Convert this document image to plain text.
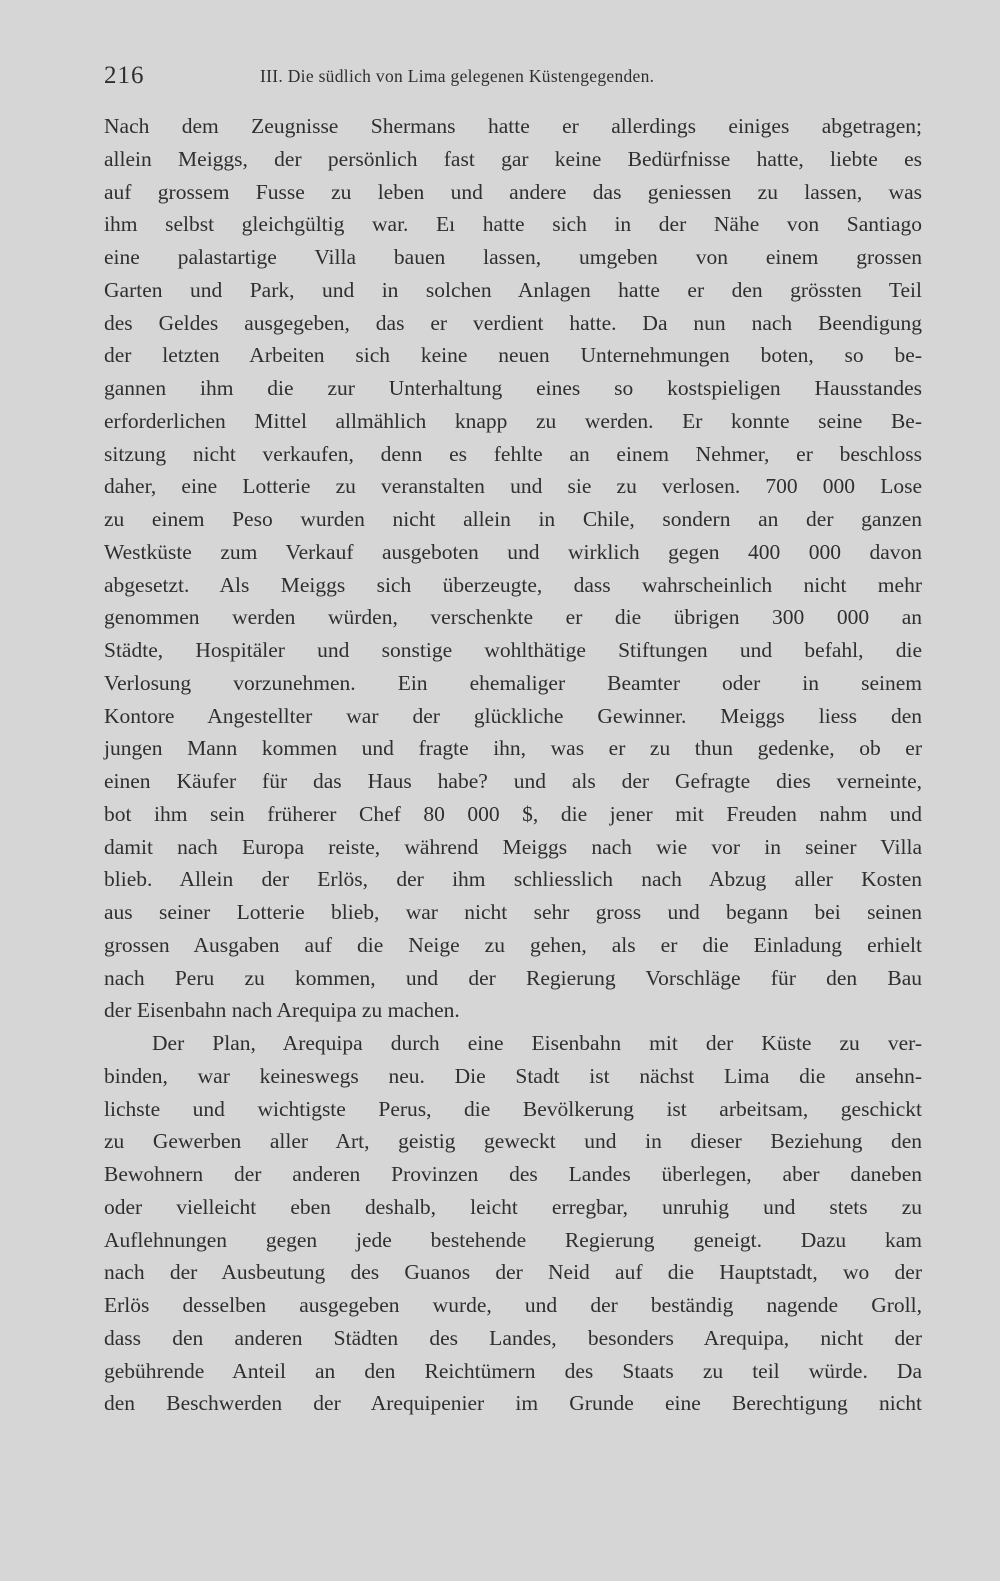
216	III. Die südlich von Lima gelegenen Küstengegenden.
Nach dem Zeugnisse Shermans hatte er allerdings einiges abgetragen;
allein Meiggs, der persönlich fast gar keine Bedürfnisse hatte, liebte es
auf grossem Fusse zu leben und andere das geniessen zu lassen, was
ihm selbst gleichgültig war. Eı hatte sich in der Nähe von Santiago
eine palastartige Villa bauen lassen, umgeben von einem grossen
Garten und Park, und in solchen Anlagen hatte er den grössten Teil
des Geldes ausgegeben, das er verdient hatte. Da nun nach Beendigung
der letzten Arbeiten sich keine neuen Unternehmungen boten, so be-
gannen ihm die zur Unterhaltung eines so kostspieligen Hausstandes
erforderlichen Mittel allmählich knapp zu werden. Er konnte seine Be-
sitzung nicht verkaufen, denn es fehlte an einem Nehmer, er beschloss
daher, eine Lotterie zu veranstalten und sie zu verlosen. 700 000 Lose
zu einem Peso wurden nicht allein in Chile, sondern an der ganzen
Westküste zum Verkauf ausgeboten und wirklich gegen 400 000 davon
abgesetzt. Als Meiggs sich überzeugte, dass wahrscheinlich nicht mehr
genommen werden würden, verschenkte er die übrigen 300 000 an
Städte, Hospitäler und sonstige wohlthätige Stiftungen und befahl, die
Verlosung vorzunehmen. Ein ehemaliger Beamter oder in seinem
Kontore Angestellter war der glückliche Gewinner. Meiggs liess den
jungen Mann kommen und fragte ihn, was er zu thun gedenke, ob er
einen Käufer für das Haus habe? und als der Gefragte dies verneinte,
bot ihm sein früherer Chef 80 000 $, die jener mit Freuden nahm und
damit nach Europa reiste, während Meiggs nach wie vor in seiner Villa
blieb. Allein der Erlös, der ihm schliesslich nach Abzug aller Kosten
aus seiner Lotterie blieb, war nicht sehr gross und begann bei seinen
grossen Ausgaben auf die Neige zu gehen, als er die Einladung erhielt
nach Peru zu kommen, und der Regierung Vorschläge für den Bau
der Eisenbahn nach Arequipa zu machen.
Der Plan, Arequipa durch eine Eisenbahn mit der Küste zu ver-
binden, war keineswegs neu. Die Stadt ist nächst Lima die ansehn-
lichste und wichtigste Perus, die Bevölkerung ist arbeitsam, geschickt
zu Gewerben aller Art, geistig geweckt und in dieser Beziehung den
Bewohnern der anderen Provinzen des Landes überlegen, aber daneben
oder vielleicht eben deshalb, leicht erregbar, unruhig und stets zu
Auflehnungen gegen jede bestehende Regierung geneigt. Dazu kam
nach der Ausbeutung des Guanos der Neid auf die Hauptstadt, wo der
Erlös desselben ausgegeben wurde, und der beständig nagende Groll,
dass den anderen Städten des Landes, besonders Arequipa, nicht der
gebührende Anteil an den Reichtümern des Staats zu teil würde. Da
den Beschwerden der Arequipenier im Grunde eine Berechtigung nicht
